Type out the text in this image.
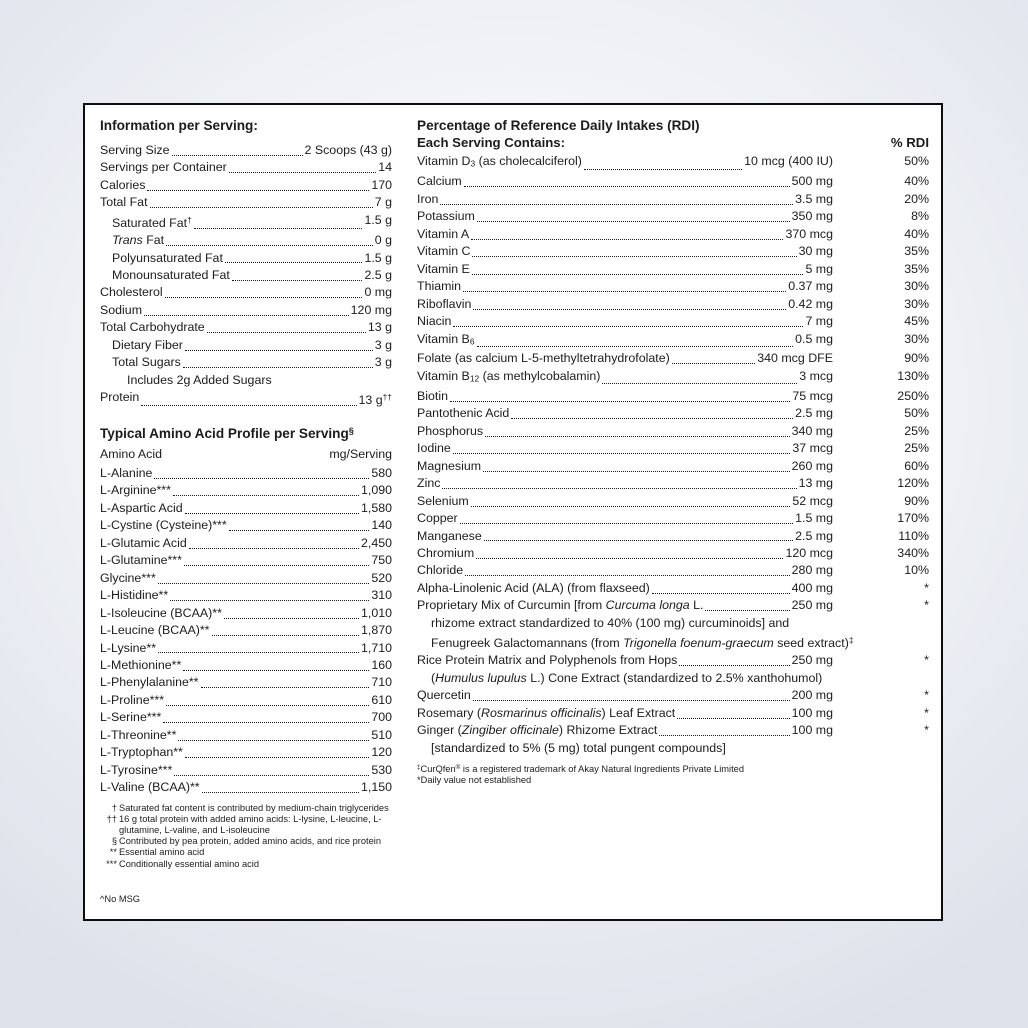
Information per Serving:
Serving Size	2 Scoops (43 g)
Servings per Container	14
Calories	170
Total Fat	7 g
Saturated Fat†	1.5 g
Trans Fat	0 g
Polyunsaturated Fat	1.5 g
Monounsaturated Fat	2.5 g
Cholesterol	0 mg
Sodium	120 mg
Total Carbohydrate	13 g
Dietary Fiber	3 g
Total Sugars	3 g
Includes 2g Added Sugars
Protein	13 g††
Typical Amino Acid Profile per Serving§
Amino Acid	mg/Serving
L-Alanine	580
L-Arginine***	1,090
L-Aspartic Acid	1,580
L-Cystine (Cysteine)***	140
L-Glutamic Acid	2,450
L-Glutamine***	750
Glycine***	520
L-Histidine**	310
L-Isoleucine (BCAA)**	1,010
L-Leucine (BCAA)**	1,870
L-Lysine**	1,710
L-Methionine**	160
L-Phenylalanine**	710
L-Proline***	610
L-Serine***	700
L-Threonine**	510
L-Tryptophan**	120
L-Tyrosine***	530
L-Valine (BCAA)**	1,150
† Saturated fat content is contributed by medium-chain triglycerides
†† 16 g total protein with added amino acids: L-lysine, L-leucine, L-glutamine, L-valine, and L-isoleucine
§ Contributed by pea protein, added amino acids, and rice protein
** Essential amino acid
*** Conditionally essential amino acid
^No MSG
Percentage of Reference Daily Intakes (RDI)
Each Serving Contains:	% RDI
Vitamin D3 (as cholecalciferol)	10 mcg (400 IU)	50%
Calcium	500 mg	40%
Iron	3.5 mg	20%
Potassium	350 mg	8%
Vitamin A	370 mcg	40%
Vitamin C	30 mg	35%
Vitamin E	5 mg	35%
Thiamin	0.37 mg	30%
Riboflavin	0.42 mg	30%
Niacin	7 mg	45%
Vitamin B6	0.5 mg	30%
Folate (as calcium L-5-methyltetrahydrofolate)	340 mcg DFE	90%
Vitamin B12 (as methylcobalamin)	3 mcg	130%
Biotin	75 mcg	250%
Pantothenic Acid	2.5 mg	50%
Phosphorus	340 mg	25%
Iodine	37 mcg	25%
Magnesium	260 mg	60%
Zinc	13 mg	120%
Selenium	52 mcg	90%
Copper	1.5 mg	170%
Manganese	2.5 mg	110%
Chromium	120 mcg	340%
Chloride	280 mg	10%
Alpha-Linolenic Acid (ALA) (from flaxseed)	400 mg	*
Proprietary Mix of Curcumin [from Curcuma longa L.	250 mg	*
rhizome extract standardized to 40% (100 mg) curcuminoids] and
Fenugreek Galactomannans (from Trigonella foenum-graecum seed extract)‡
Rice Protein Matrix and Polyphenols from Hops	250 mg	*
(Humulus lupulus L.) Cone Extract (standardized to 2.5% xanthohumol)
Quercetin	200 mg	*
Rosemary (Rosmarinus officinalis) Leaf Extract	100 mg	*
Ginger (Zingiber officinale) Rhizome Extract	100 mg	*
[standardized to 5% (5 mg) total pungent compounds]
‡CurQfen® is a registered trademark of Akay Natural Ingredients Private Limited
*Daily value not established
